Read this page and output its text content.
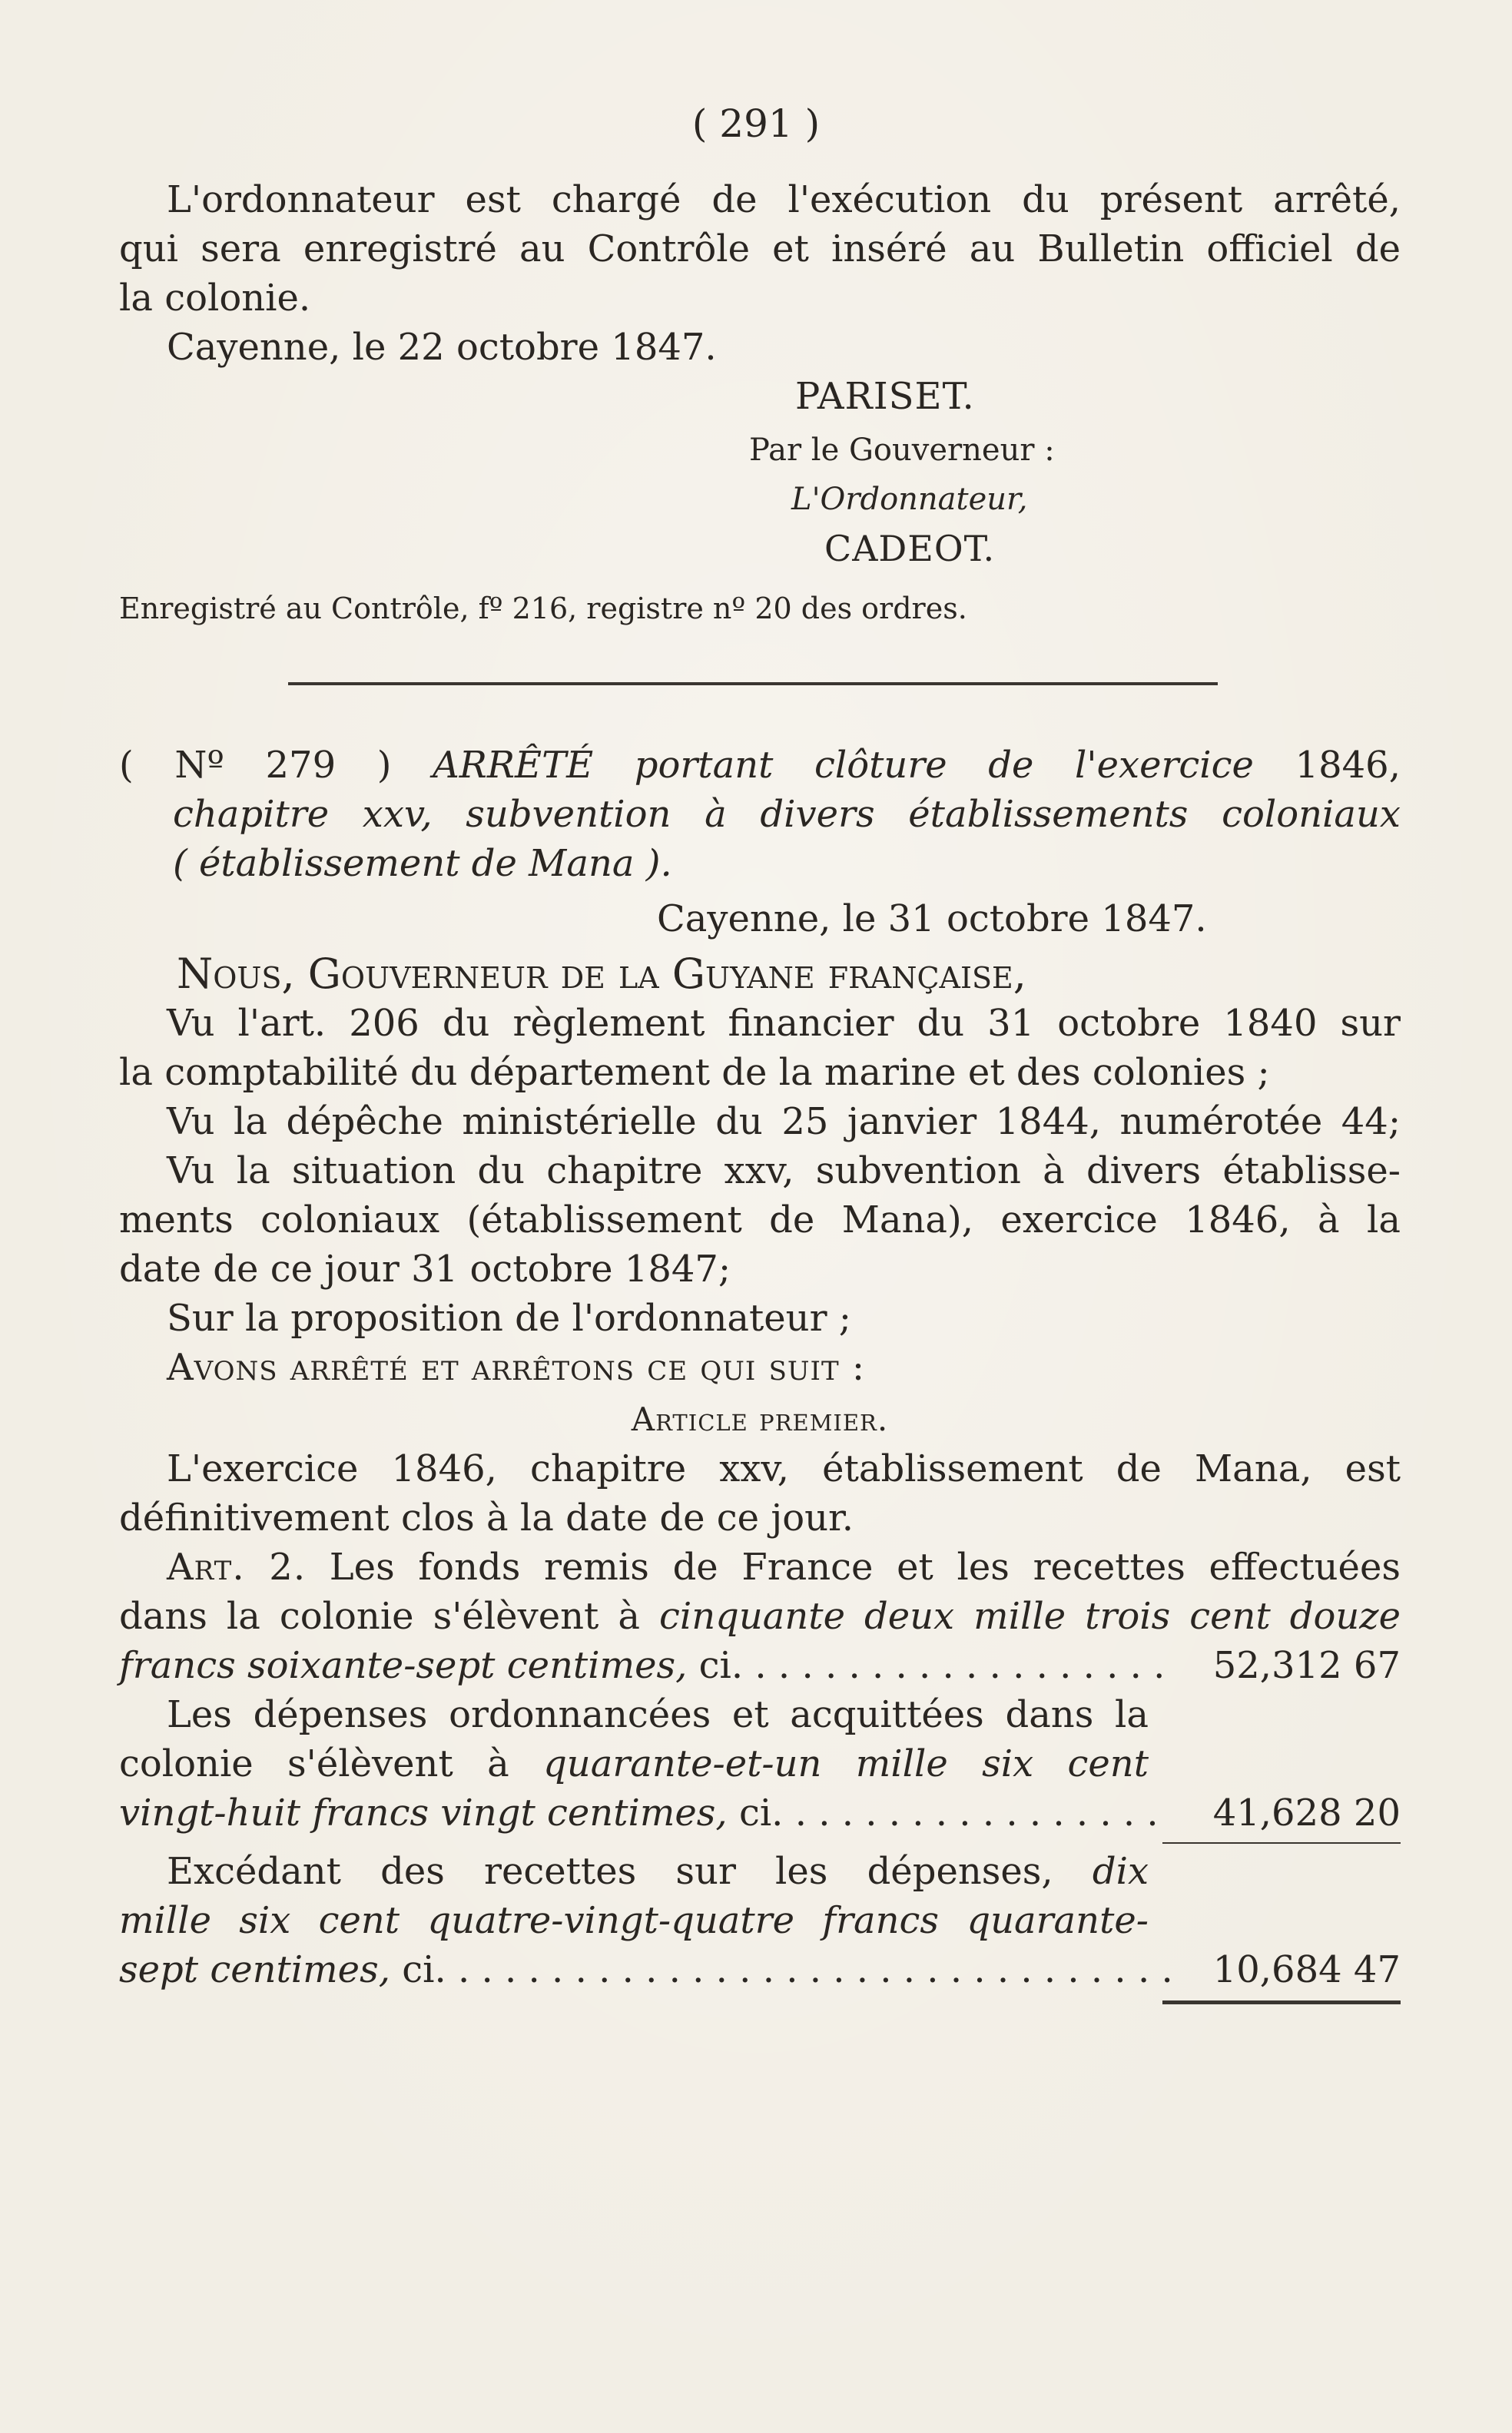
( 291 )
L'ordonnateur est chargé de l'exécution du présent arrêté,
qui sera enregistré au Contrôle et inséré au Bulletin officiel de
la colonie.
Cayenne, le 22 octobre 1847.
PARISET.
Par le Gouverneur :
L'Ordonnateur,
CADEOT.
Enregistré au Contrôle, fº 216, registre nº 20 des ordres.
( Nº 279 ) ARRÊTÉ portant clôture de l'exercice 1846,
chapitre xxv, subvention à divers établissements coloniaux
( établissement de Mana ).
Cayenne, le 31 octobre 1847.
Nous, Gouverneur de la Guyane française,
Vu l'art. 206 du règlement financier du 31 octobre 1840 sur
la comptabilité du département de la marine et des colonies ;
Vu la dépêche ministérielle du 25 janvier 1844, numérotée 44;
Vu la situation du chapitre xxv, subvention à divers établisse-
ments coloniaux (établissement de Mana), exercice 1846, à la
date de ce jour 31 octobre 1847;
Sur la proposition de l'ordonnateur ;
Avons arrêté et arrêtons ce qui suit :
Article premier.
L'exercice 1846, chapitre xxv, établissement de Mana, est
définitivement clos à la date de ce jour.
Art. 2. Les fonds remis de France et les recettes effectuées
dans la colonie s'élèvent à cinquante deux mille trois cent douze
francs soixante-sept centimes,
ci . . .	52,312 67
Les dépenses ordonnancées et acquittées dans la
colonie s'élèvent à quarante-et-un mille six cent
vingt-huit francs vingt centimes,
ci . . .	41,628 20
Excédant des recettes sur les dépenses, dix
mille six cent quatre-vingt-quatre francs quarante-
sept centimes,
ci . . .	10,684 47
